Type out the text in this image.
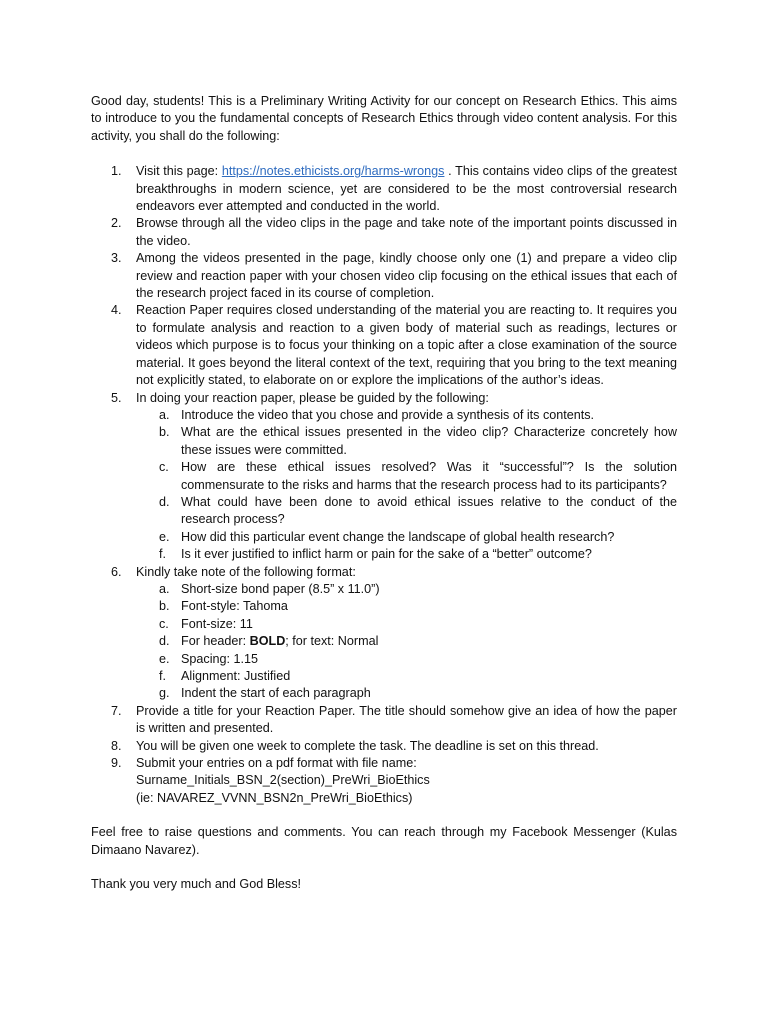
Good day, students! This is a Preliminary Writing Activity for our concept on Research Ethics. This aims to introduce to you the fundamental concepts of Research Ethics through video content analysis. For this activity, you shall do the following:

1. Visit this page: https://notes.ethicists.org/harms-wrongs . This contains video clips of the greatest breakthroughs in modern science, yet are considered to be the most controversial research endeavors ever attempted and conducted in the world.
2. Browse through all the video clips in the page and take note of the important points discussed in the video.
3. Among the videos presented in the page, kindly choose only one (1) and prepare a video clip review and reaction paper with your chosen video clip focusing on the ethical issues that each of the research project faced in its course of completion.
4. Reaction Paper requires closed understanding of the material you are reacting to. It requires you to formulate analysis and reaction to a given body of material such as readings, lectures or videos which purpose is to focus your thinking on a topic after a close examination of the source material. It goes beyond the literal context of the text, requiring that you bring to the text meaning not explicitly stated, to elaborate on or explore the implications of the author’s ideas.
5. In doing your reaction paper, please be guided by the following:
a. Introduce the video that you chose and provide a synthesis of its contents.
b. What are the ethical issues presented in the video clip? Characterize concretely how these issues were committed.
c. How are these ethical issues resolved? Was it “successful”? Is the solution commensurate to the risks and harms that the research process had to its participants?
d. What could have been done to avoid ethical issues relative to the conduct of the research process?
e. How did this particular event change the landscape of global health research?
f. Is it ever justified to inflict harm or pain for the sake of a “better” outcome?
6. Kindly take note of the following format:
a. Short-size bond paper (8.5” x 11.0”)
b. Font-style: Tahoma
c. Font-size: 11
d. For header: BOLD; for text: Normal
e. Spacing: 1.15
f. Alignment: Justified
g. Indent the start of each paragraph
7. Provide a title for your Reaction Paper. The title should somehow give an idea of how the paper is written and presented.
8. You will be given one week to complete the task. The deadline is set on this thread.
9. Submit your entries on a pdf format with file name:
Surname_Initials_BSN_2(section)_PreWri_BioEthics
(ie: NAVAREZ_VVNN_BSN2n_PreWri_BioEthics)

Feel free to raise questions and comments. You can reach through my Facebook Messenger (Kulas Dimaano Navarez).

Thank you very much and God Bless!
